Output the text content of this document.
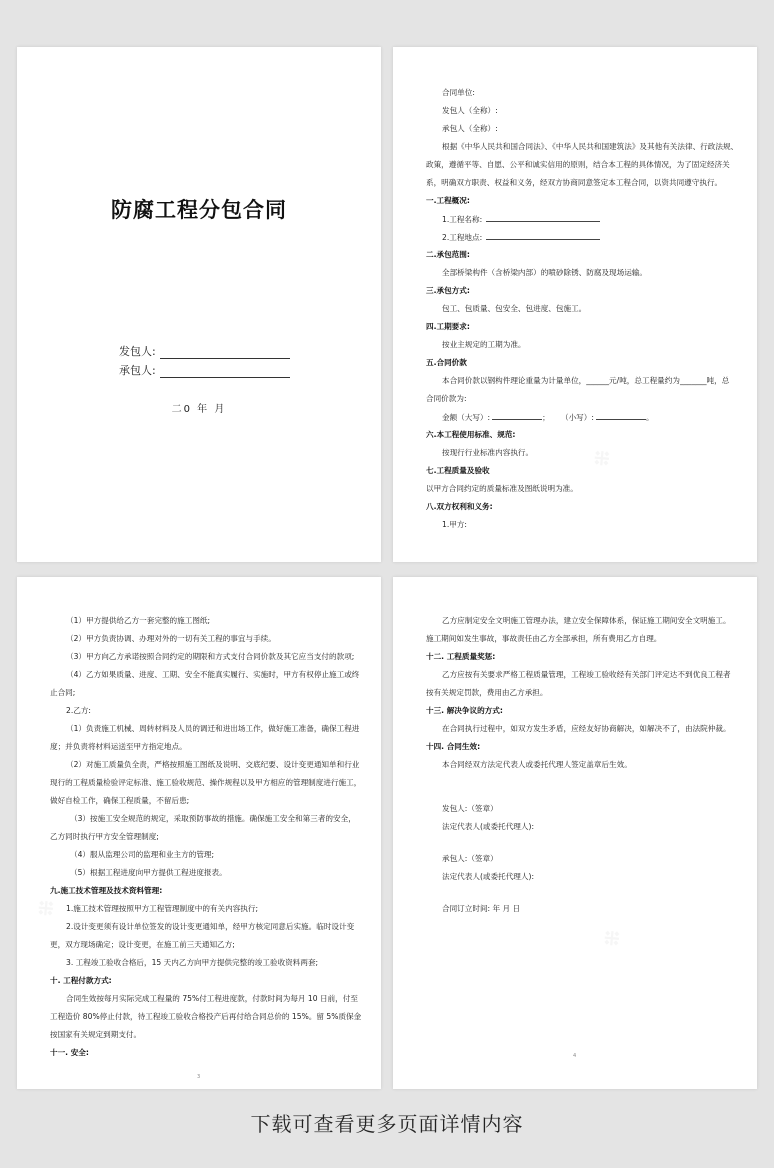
防腐工程分包合同
发包人:
承包人:
二0 年 月
合同单位:
发包人（全称）:
承包人（全称）:
根据《中华人民共和国合同法》、《中华人民共和国建筑法》及其他有关法律、行政法规、
政策，遵循平等、自愿、公平和诚实信用的原则，结合本工程的具体情况，为了固定经济关
系，明确双方职责、权益和义务，经双方协商同意签定本工程合同，以资共同遵守执行。
一.工程概况:
1.工程名称:
2.工程地点:
二.承包范围:
全部桥梁构件（含桥梁内部）的喷砂除锈、防腐及现场运输。
三.承包方式:
包工、包质量、包安全、包进度、包施工。
四.工期要求:
按业主规定的工期为准。
五.合同价款
本合同价款以钢构件理论重量为计量单位，______元/吨，总工程量约为_______吨，总
合同价款为:
金额（大写）:	； （小写）:	。
六.本工程使用标准、规范:
按现行行业标准内容执行。
七.工程质量及验收
以甲方合同约定的质量标准及图纸说明为准。
八.双方权利和义务:
1.甲方:
（1）甲方提供给乙方一套完整的施工图纸;
（2）甲方负责协调、办理对外的一切有关工程的事宜与手续。
（3）甲方向乙方承诺按照合同约定的期限和方式支付合同价款及其它应当支付的款项;
（4）乙方如果质量、进度、工期、安全不能真实履行、实施时，甲方有权停止施工或终
止合同;
2.乙方:
（1）负责施工机械、周转材料及人员的调迁和进出场工作，做好施工准备，确保工程进
度；并负责将材料运送至甲方指定地点。
（2）对施工质量负全责，严格按照施工图纸及说明、交底纪要、设计变更通知单和行业
现行的工程质量检验评定标准、施工验收规范、操作规程以及甲方相应的管理制度进行施工，
做好自检工作，确保工程质量，不留后患;
（3）按施工安全规范的规定，采取预防事故的措施。确保施工安全和第三者的安全，
乙方同时执行甲方安全管理制度;
（4）服从监理公司的监理和业主方的管理;
（5）根据工程进度向甲方提供工程进度报表。
九.施工技术管理及技术资料管理:
1.施工技术管理按照甲方工程管理制度中的有关内容执行;
2.设计变更须有设计单位签发的设计变更通知单，经甲方核定同意后实施。临时设计变
更，双方现场确定；设计变更，在施工前三天通知乙方;
3. 工程竣工验收合格后，15 天内乙方向甲方提供完整的竣工验收资料两套;
十. 工程付款方式:
合同生效按每月实际完成工程量的 75%付工程进度款，付款时间为每月 10 日前，付至
工程造价 80%停止付款，待工程竣工验收合格投产后再付给合同总价的 15%。留 5%质保金
按国家有关规定到期支付。
十一. 安全:
3
乙方应制定安全文明施工管理办法，建立安全保障体系，保证施工期间安全文明施工。
施工期间如发生事故，事故责任由乙方全部承担，所有费用乙方自理。
十二. 工程质量奖惩:
乙方应按有关要求严格工程质量管理，工程竣工验收经有关部门评定达不到优良工程者
按有关规定罚款，费用由乙方承担。
十三. 解决争议的方式:
在合同执行过程中，如双方发生矛盾，应经友好协商解决，如解决不了，由法院仲裁。
十四. 合同生效:
本合同经双方法定代表人或委托代理人签定盖章后生效。
发包人:（签章）
法定代表人(或委托代理人):
承包人:（签章）
法定代表人(或委托代理人):
合同订立时间: 年 月 日
4
下载可查看更多页面详情内容
